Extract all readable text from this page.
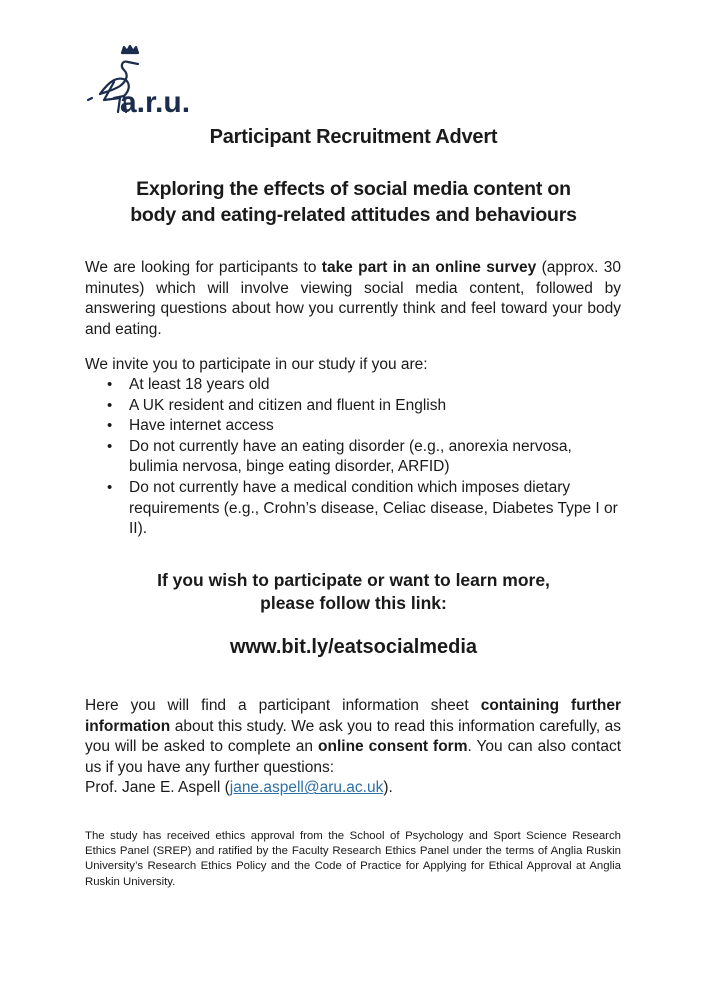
a.r.u.
Participant Recruitment Advert
Exploring the effects of social media content on
body and eating-related attitudes and behaviours

We are looking for participants to take part in an online survey (approx. 30 minutes) which will involve viewing social media content, followed by answering questions about how you currently think and feel toward your body and eating.

We invite you to participate in our study if you are:

• At least 18 years old
• A UK resident and citizen and fluent in English
• Have internet access
• Do not currently have an eating disorder (e.g., anorexia nervosa, bulimia nervosa, binge eating disorder, ARFID)
• Do not currently have a medical condition which imposes dietary requirements (e.g., Crohn’s disease, Celiac disease, Diabetes Type I or II).
If you wish to participate or want to learn more,
please follow this link:
www.bit.ly/eatsocialmedia

Here you will find a participant information sheet containing further information about this study. We ask you to read this information carefully, as you will be asked to complete an online consent form. You can also contact us if you have any further questions:
Prof. Jane E. Aspell (jane.aspell@aru.ac.uk).

The study has received ethics approval from the School of Psychology and Sport Science Research Ethics Panel (SREP) and ratified by the Faculty Research Ethics Panel under the terms of Anglia Ruskin University’s Research Ethics Policy and the Code of Practice for Applying for Ethical Approval at Anglia Ruskin University.
